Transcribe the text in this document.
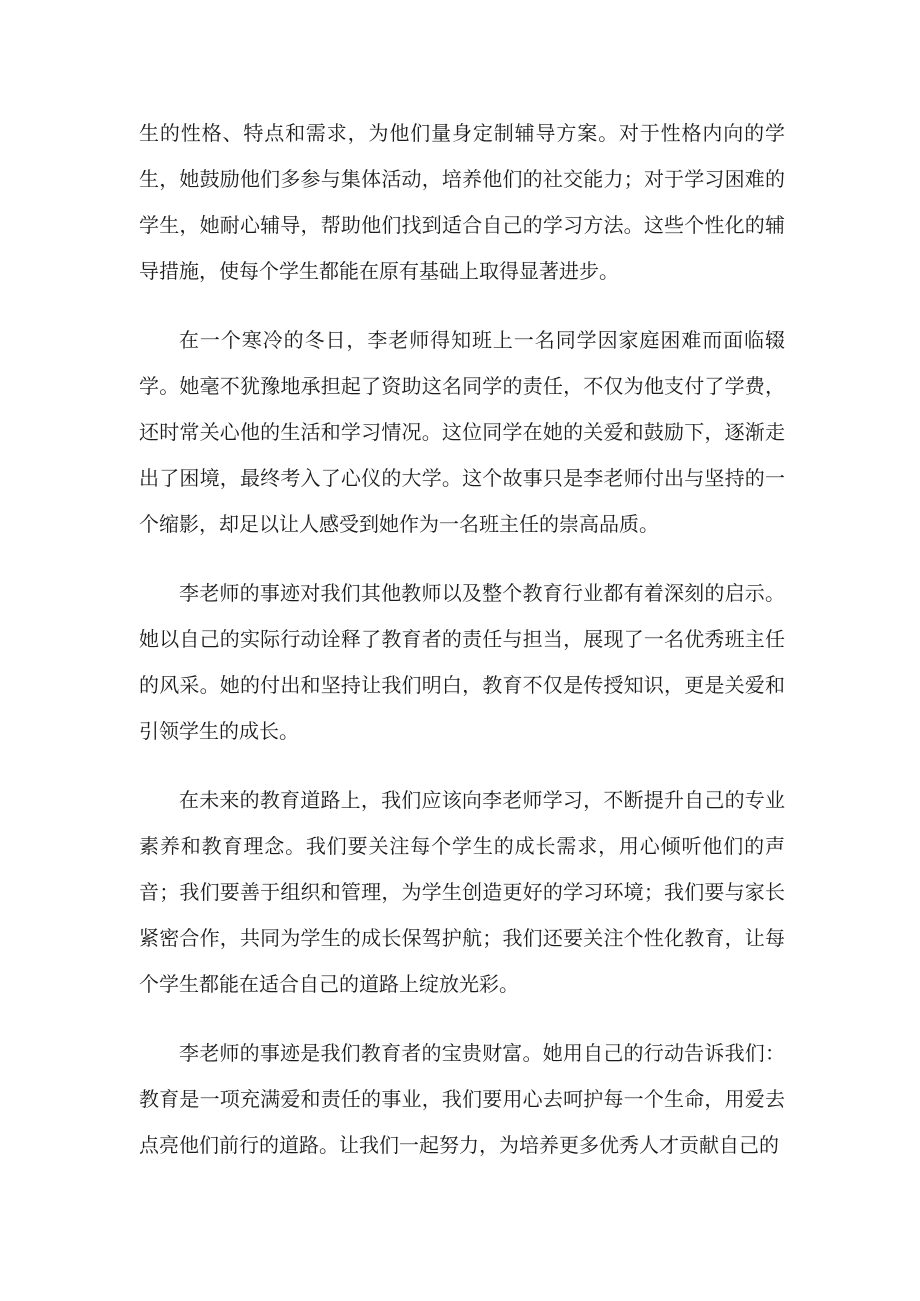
生的性格、特点和需求，为他们量身定制辅导方案。对于性格内向的学生，她鼓励他们多参与集体活动，培养他们的社交能力；对于学习困难的学生，她耐心辅导，帮助他们找到适合自己的学习方法。这些个性化的辅导措施，使每个学生都能在原有基础上取得显著进步。

在一个寒冷的冬日，李老师得知班上一名同学因家庭困难而面临辍学。她毫不犹豫地承担起了资助这名同学的责任，不仅为他支付了学费，还时常关心他的生活和学习情况。这位同学在她的关爱和鼓励下，逐渐走出了困境，最终考入了心仪的大学。这个故事只是李老师付出与坚持的一个缩影，却足以让人感受到她作为一名班主任的崇高品质。

李老师的事迹对我们其他教师以及整个教育行业都有着深刻的启示。她以自己的实际行动诠释了教育者的责任与担当，展现了一名优秀班主任的风采。她的付出和坚持让我们明白，教育不仅是传授知识，更是关爱和引领学生的成长。

在未来的教育道路上，我们应该向李老师学习，不断提升自己的专业素养和教育理念。我们要关注每个学生的成长需求，用心倾听他们的声音；我们要善于组织和管理，为学生创造更好的学习环境；我们要与家长紧密合作，共同为学生的成长保驾护航；我们还要关注个性化教育，让每个学生都能在适合自己的道路上绽放光彩。

李老师的事迹是我们教育者的宝贵财富。她用自己的行动告诉我们：教育是一项充满爱和责任的事业，我们要用心去呵护每一个生命，用爱去点亮他们前行的道路。让我们一起努力，为培养更多优秀人才贡献自己的
